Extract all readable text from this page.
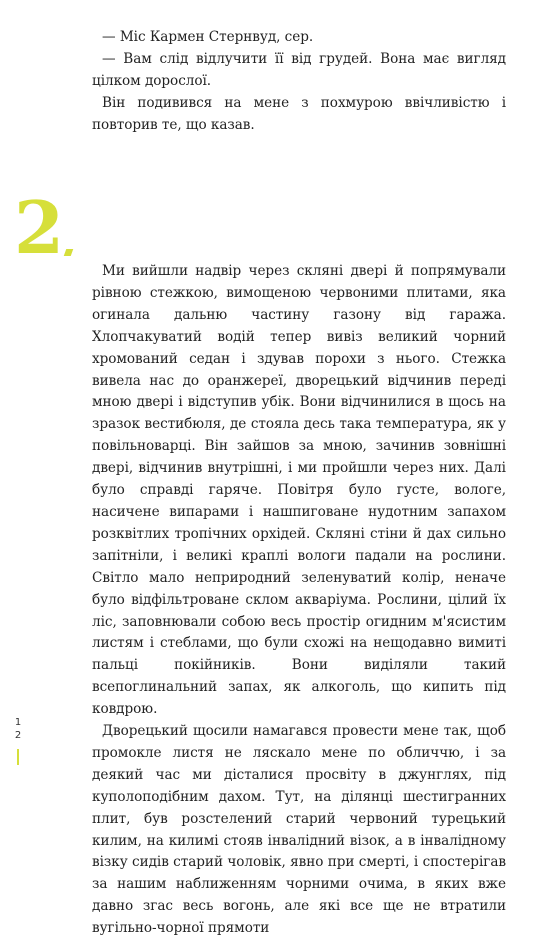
— Міс Кармен Стернвуд, сер.

— Вам слід відлучити її від грудей. Вона має вигляд цілком дорослої.

Він подивився на мене з похмурою ввічливістю і повторив те, що казав.

2

Ми вийшли надвір через скляні двері й попрямували рівною стежкою, вимощеною червоними плитами, яка огинала дальню частину газону від гаража. Хлопчакуватий водій тепер вивіз великий чорний хромований седан і здував порохи з нього. Стежка вивела нас до оранжереї, дворецький відчинив переді мною двері і відступив убік. Вони відчинилися в щось на зразок вестибюля, де стояла десь така температура, як у повільноварці. Він зайшов за мною, зачинив зовнішні двері, відчинив внутрішні, і ми пройшли через них. Далі було справді гаряче. Повітря було густе, вологе, насичене випарами і нашпиговане нудотним запахом розквітлих тропічних орхідей. Скляні стіни й дах сильно запітніли, і великі краплі вологи падали на рослини. Світло мало неприродний зеленуватий колір, неначе було відфільтроване склом акваріума. Рослини, цілий їх ліс, заповнювали собою весь простір огидним м'ясистим листям і стеблами, що були схожі на нещодавно вимиті пальці покійників. Вони виділяли такий всепоглинальний запах, як алкоголь, що кипить під ковдрою.

Дворецький щосили намагався провести мене так, щоб промокле листя не ляскало мене по обличчю, і за деякий час ми дісталися просвіту в джунглях, під куполоподібним дахом. Тут, на ділянці шестигранних плит, був розстелений старий червоний турецький килим, на килимі стояв інвалідний візок, а в інвалідному візку сидів старий чоловік, явно при смерті, і спостерігав за нашим наближенням чорними очима, в яких вже давно згас весь вогонь, але які все ще не втратили вугільно-чорної прямоти

1
2
